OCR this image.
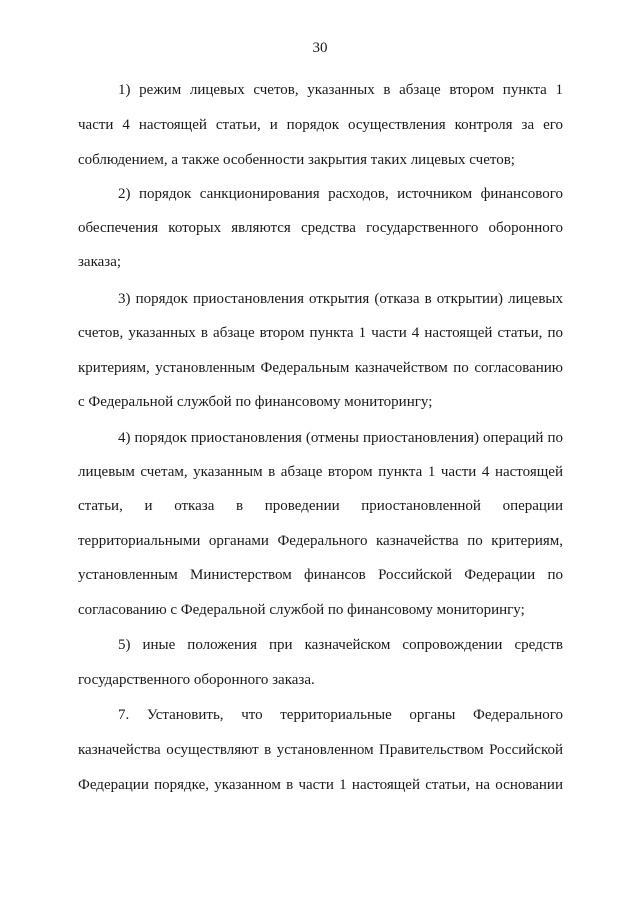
30
1) режим лицевых счетов, указанных в абзаце втором пункта 1
части 4 настоящей статьи, и порядок осуществления контроля за его
соблюдением, а также особенности закрытия таких лицевых счетов;
2) порядок санкционирования расходов, источником финансового
обеспечения которых являются средства государственного оборонного
заказа;
3) порядок приостановления открытия (отказа в открытии) лицевых
счетов, указанных в абзаце втором пункта 1 части 4 настоящей статьи, по
критериям, установленным Федеральным казначейством по согласованию
с Федеральной службой по финансовому мониторингу;
4) порядок приостановления (отмены приостановления) операций по
лицевым счетам, указанным в абзаце втором пункта 1 части 4 настоящей
статьи, и отказа в проведении приостановленной операции
территориальными органами Федерального казначейства по критериям,
установленным Министерством финансов Российской Федерации по
согласованию с Федеральной службой по финансовому мониторингу;
5) иные положения при казначейском сопровождении средств
государственного оборонного заказа.
7. Установить, что территориальные органы Федерального
казначейства осуществляют в установленном Правительством Российской
Федерации порядке, указанном в части 1 настоящей статьи, на основании
